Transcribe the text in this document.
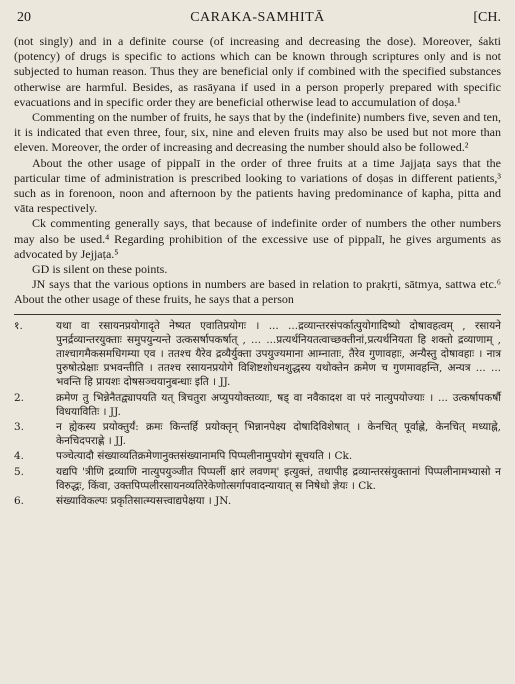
20	CARAKA-SAMHITĀ	[CH.

(not singly) and in a definite course (of increasing and decreasing the dose). Moreover, śakti (potency) of drugs is specific to actions which can be known through scriptures only and is not subjected to human reason. Thus they are beneficial only if combined with the specified substances otherwise are harmful. Besides, as rasāyana if used in a person properly prepared with specific evacuations and in specific order they are beneficial otherwise lead to accumulation of doṣa.¹

Commenting on the number of fruits, he says that by the (indefinite) numbers five, seven and ten, it is indicated that even three, four, six, nine and eleven fruits may also be used but not more than eleven. Moreover, the order of increasing and decreasing the number should also be followed.²

About the other usage of pippalī in the order of three fruits at a time Jajjaṭa says that the particular time of administration is prescribed looking to variations of doṣas in different patients,³ such as in forenoon, noon and afternoon by the patients having predominance of kapha, pitta and vāta respectively.

Ck commenting generally says, that because of indefinite order of numbers the other numbers may also be used.⁴ Regarding prohibition of the excessive use of pippalī, he gives arguments as advocated by Jejjaṭa.⁵

GD is silent on these points.

JN says that the various options in numbers are based in relation to prakṛti, sātmya, sattwa etc.⁶ About the other usage of these fruits, he says that a person

१.	यथा वा रसायनप्रयोगादृते नेष्यत एवातिप्रयोगः । ... ...द्रव्यान्तरसंपर्कात्पुयोगादिष्यो दोषावहत्वम् , रसायने पुनर्द्रव्यान्तरयुक्ताः समुपयुन्यन्ते उत्कसर्षापकर्षात् , ... ...प्रत्यर्थनियतत्वाच्छक्तीनां,प्रत्यर्थनियता हि शक्तो द्रव्याणाम् , ताश्चागमैकसमधिगम्या एव । ततश्च यैरेव द्रव्यैर्युक्ता उपयुज्यमाना आम्नाताः, तैरेव गुणावहाः, अन्यैस्तु दोषावहाः । नात्र पुरुषोत्प्रेक्षाः प्रभवन्तीति । ततश्च रसायनप्रयोगे विशिष्टशोधनशुद्धस्य यथोक्तेन क्रमेण च गुणमावहन्ति, अन्यत्र ... ... भवन्ति हि प्रायशः दोषसञ्चयानुबन्धाः इति । JJ.
2.	क्रमेण तु भिन्नेनैतद्व्यापयति यत् त्रिचतुरा अप्युपयोक्तव्याः, षड् वा नवैकादश वा परं नात्युपयोज्याः । ... उत्कर्षापकर्षौ विधयावितिः । JJ.
3.	न ह्येकस्य प्रयोक्तुर्यं: क्रमः किन्तर्हि प्रयोक्तृन् भिन्नानपेक्ष्य दोषादिविशेषात् । केनचित् पूर्वाह्णे, केनचित् मध्याह्ने, केनचिदपराह्णे । JJ.
4.	पञ्चेत्यादौ संख्याव्यतिक्रमेणानुक्तसंख्यानामपि पिप्पलीनामुपयोगं सूचयति । Ck.
5.	यद्यपि 'त्रीणि द्रव्याणि नात्युपयुञ्जीत पिप्पलीं क्षारं लवणम्' इत्युक्तं, तथापीह द्रव्यान्तरसंयुक्तानां पिप्पलीनामभ्यासो न विरुद्धः, किंवा, उक्तपिप्पलीरसायनव्यतिरेकेणोत्सर्गापवादन्यायात् स निषेधो ज्ञेयः । Ck.
6.	संख्याविकल्पः प्रकृतिसात्म्यसत्त्वाद्यपेक्षया । JN.
